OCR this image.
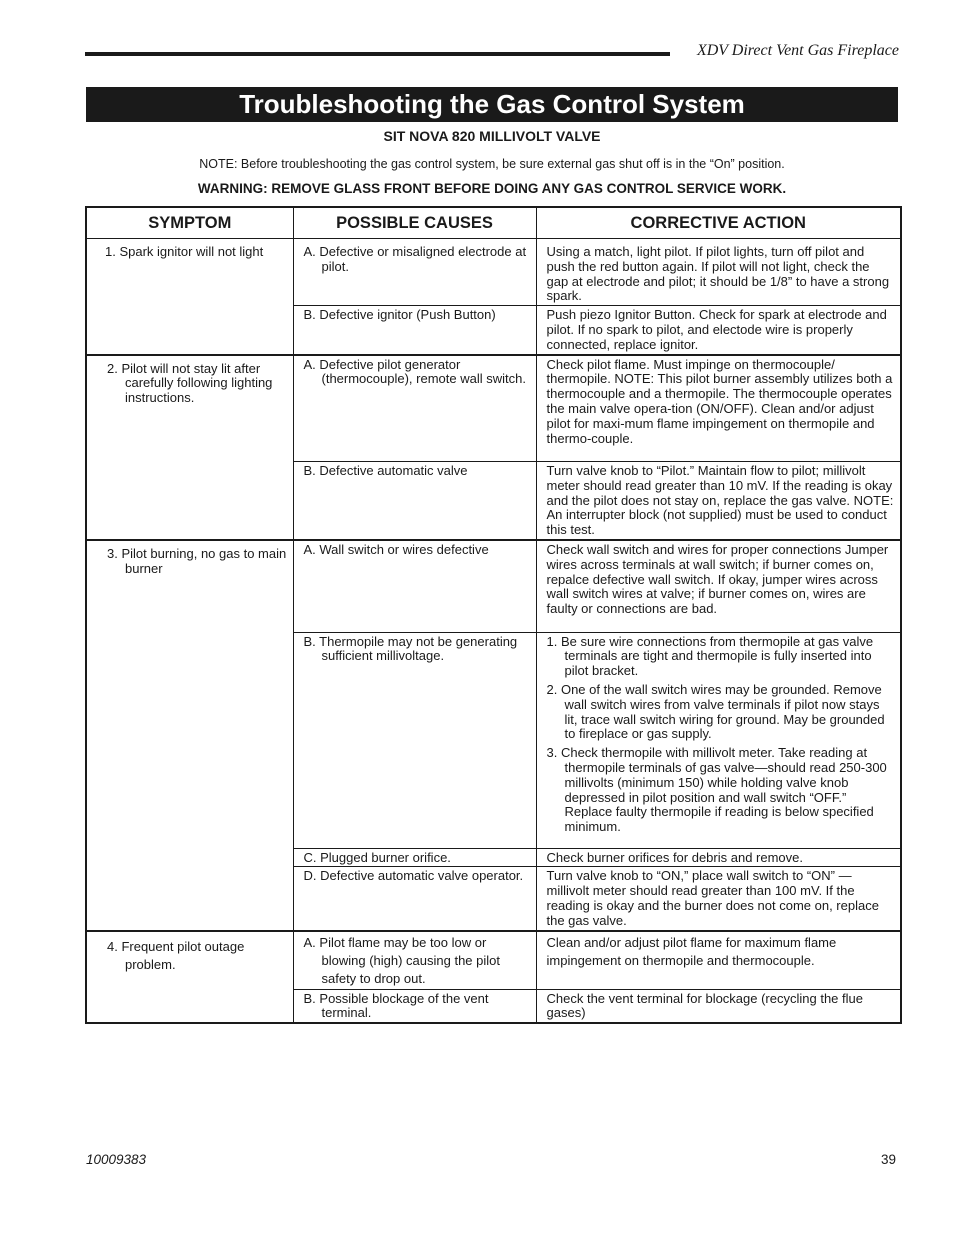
XDV Direct Vent Gas Fireplace
Troubleshooting the Gas Control System
SIT NOVA 820 MILLIVOLT VALVE
NOTE: Before troubleshooting the gas control system, be sure external gas shut off is in the “On” position.
WARNING: REMOVE GLASS FRONT BEFORE DOING ANY GAS CONTROL SERVICE WORK.
SYMPTOM	POSSIBLE CAUSES	CORRECTIVE ACTION

1. Spark ignitor will not light	A. Defective or misaligned electrode at pilot.	Using a match, light pilot. If pilot lights, turn off pilot and push the red button again. If pilot will not light, check the gap at electrode and pilot; it should be 1/8” to have a strong spark.

	B. Defective ignitor (Push Button)	Push piezo Ignitor Button. Check for spark at electrode and pilot. If no spark to pilot, and electode wire is properly connected, replace ignitor.

2. Pilot will not stay lit after carefully following lighting instructions.	A. Defective pilot generator (thermocouple), remote wall switch.	Check pilot flame. Must impinge on thermocouple/ thermopile. NOTE: This pilot burner assembly utilizes both a thermocouple and a thermopile. The thermocouple operates the main valve opera-tion (ON/OFF). Clean and/or adjust pilot for maxi-mum flame impingement on thermopile and thermo-couple.

	B. Defective automatic valve	Turn valve knob to “Pilot.” Maintain flow to pilot; millivolt meter should read greater than 10 mV. If the reading is okay and the pilot does not stay on, replace the gas valve. NOTE: An interrupter block (not supplied) must be used to conduct this test.

3. Pilot burning, no gas to main burner	A. Wall switch or wires defective	Check wall switch and wires for proper connections Jumper wires across terminals at wall switch; if burner comes on, repalce defective wall switch. If okay, jumper wires across wall switch wires at valve; if burner comes on, wires are faulty or connections are bad.

	B. Thermopile may not be generating sufficient millivoltage.	1. Be sure wire connections from thermopile at gas valve terminals are tight and thermopile is fully inserted into pilot bracket.
2. One of the wall switch wires may be grounded. Remove wall switch wires from valve terminals if pilot now stays lit, trace wall switch wiring for ground. May be grounded to fireplace or gas supply.
3. Check thermopile with millivolt meter. Take reading at thermopile terminals of gas valve—should read 250-300 millivolts (minimum 150) while holding valve knob depressed in pilot position and wall switch “OFF.” Replace faulty thermopile if reading is below specified minimum.

	C. Plugged burner orifice.	Check burner orifices for debris and remove.

	D. Defective automatic valve operator.	Turn valve knob to “ON,” place wall switch to “ON” — millivolt meter should read greater than 100 mV. If the reading is okay and the burner does not come on, replace the gas valve.

4. Frequent pilot outage problem.	A. Pilot flame may be too low or blowing (high) causing the pilot safety to drop out.	Clean and/or adjust pilot flame for maximum flame impingement on thermopile and thermocouple.

	B. Possible blockage of the vent terminal.	Check the vent terminal for blockage (recycling the flue gases)
10009383	39
